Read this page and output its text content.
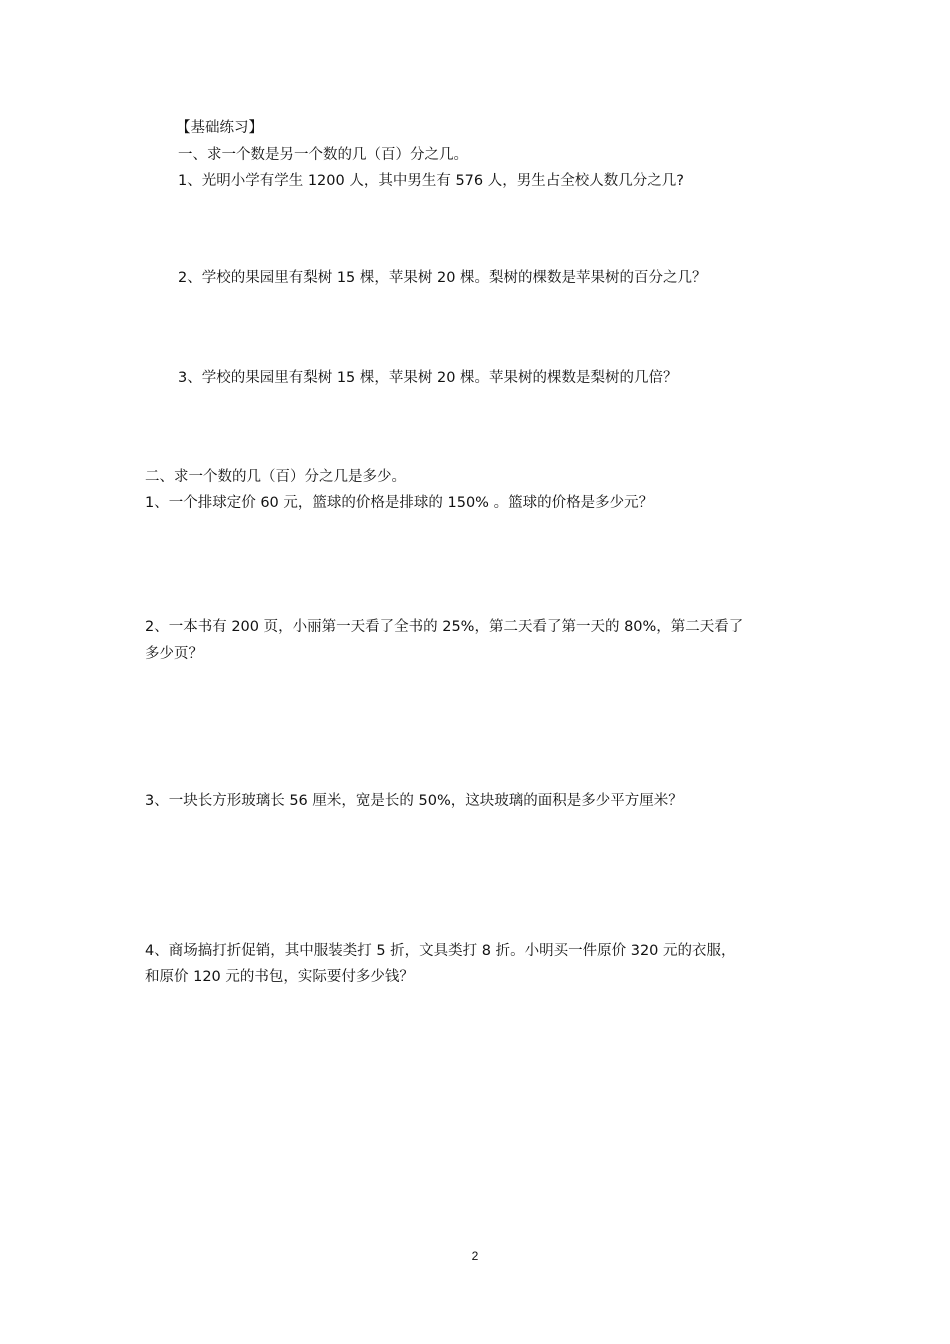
【基础练习】
一、求一个数是另一个数的几（百）分之几。
1、光明小学有学生 1200 人，其中男生有 576 人，男生占全校人数几分之几?
2、学校的果园里有梨树 15 棵，苹果树 20 棵。梨树的棵数是苹果树的百分之几？
3、学校的果园里有梨树 15 棵，苹果树 20 棵。苹果树的棵数是梨树的几倍？
二、求一个数的几（百）分之几是多少。
1、一个排球定价 60 元，篮球的价格是排球的 150% 。篮球的价格是多少元？
2、一本书有 200 页，小丽第一天看了全书的 25%，第二天看了第一天的 80%，第二天看了
多少页？
3、一块长方形玻璃长 56 厘米，宽是长的 50%，这块玻璃的面积是多少平方厘米？
4、商场搞打折促销，其中服装类打 5 折，文具类打 8 折。小明买一件原价 320 元的衣服，
和原价 120 元的书包，实际要付多少钱？
2
